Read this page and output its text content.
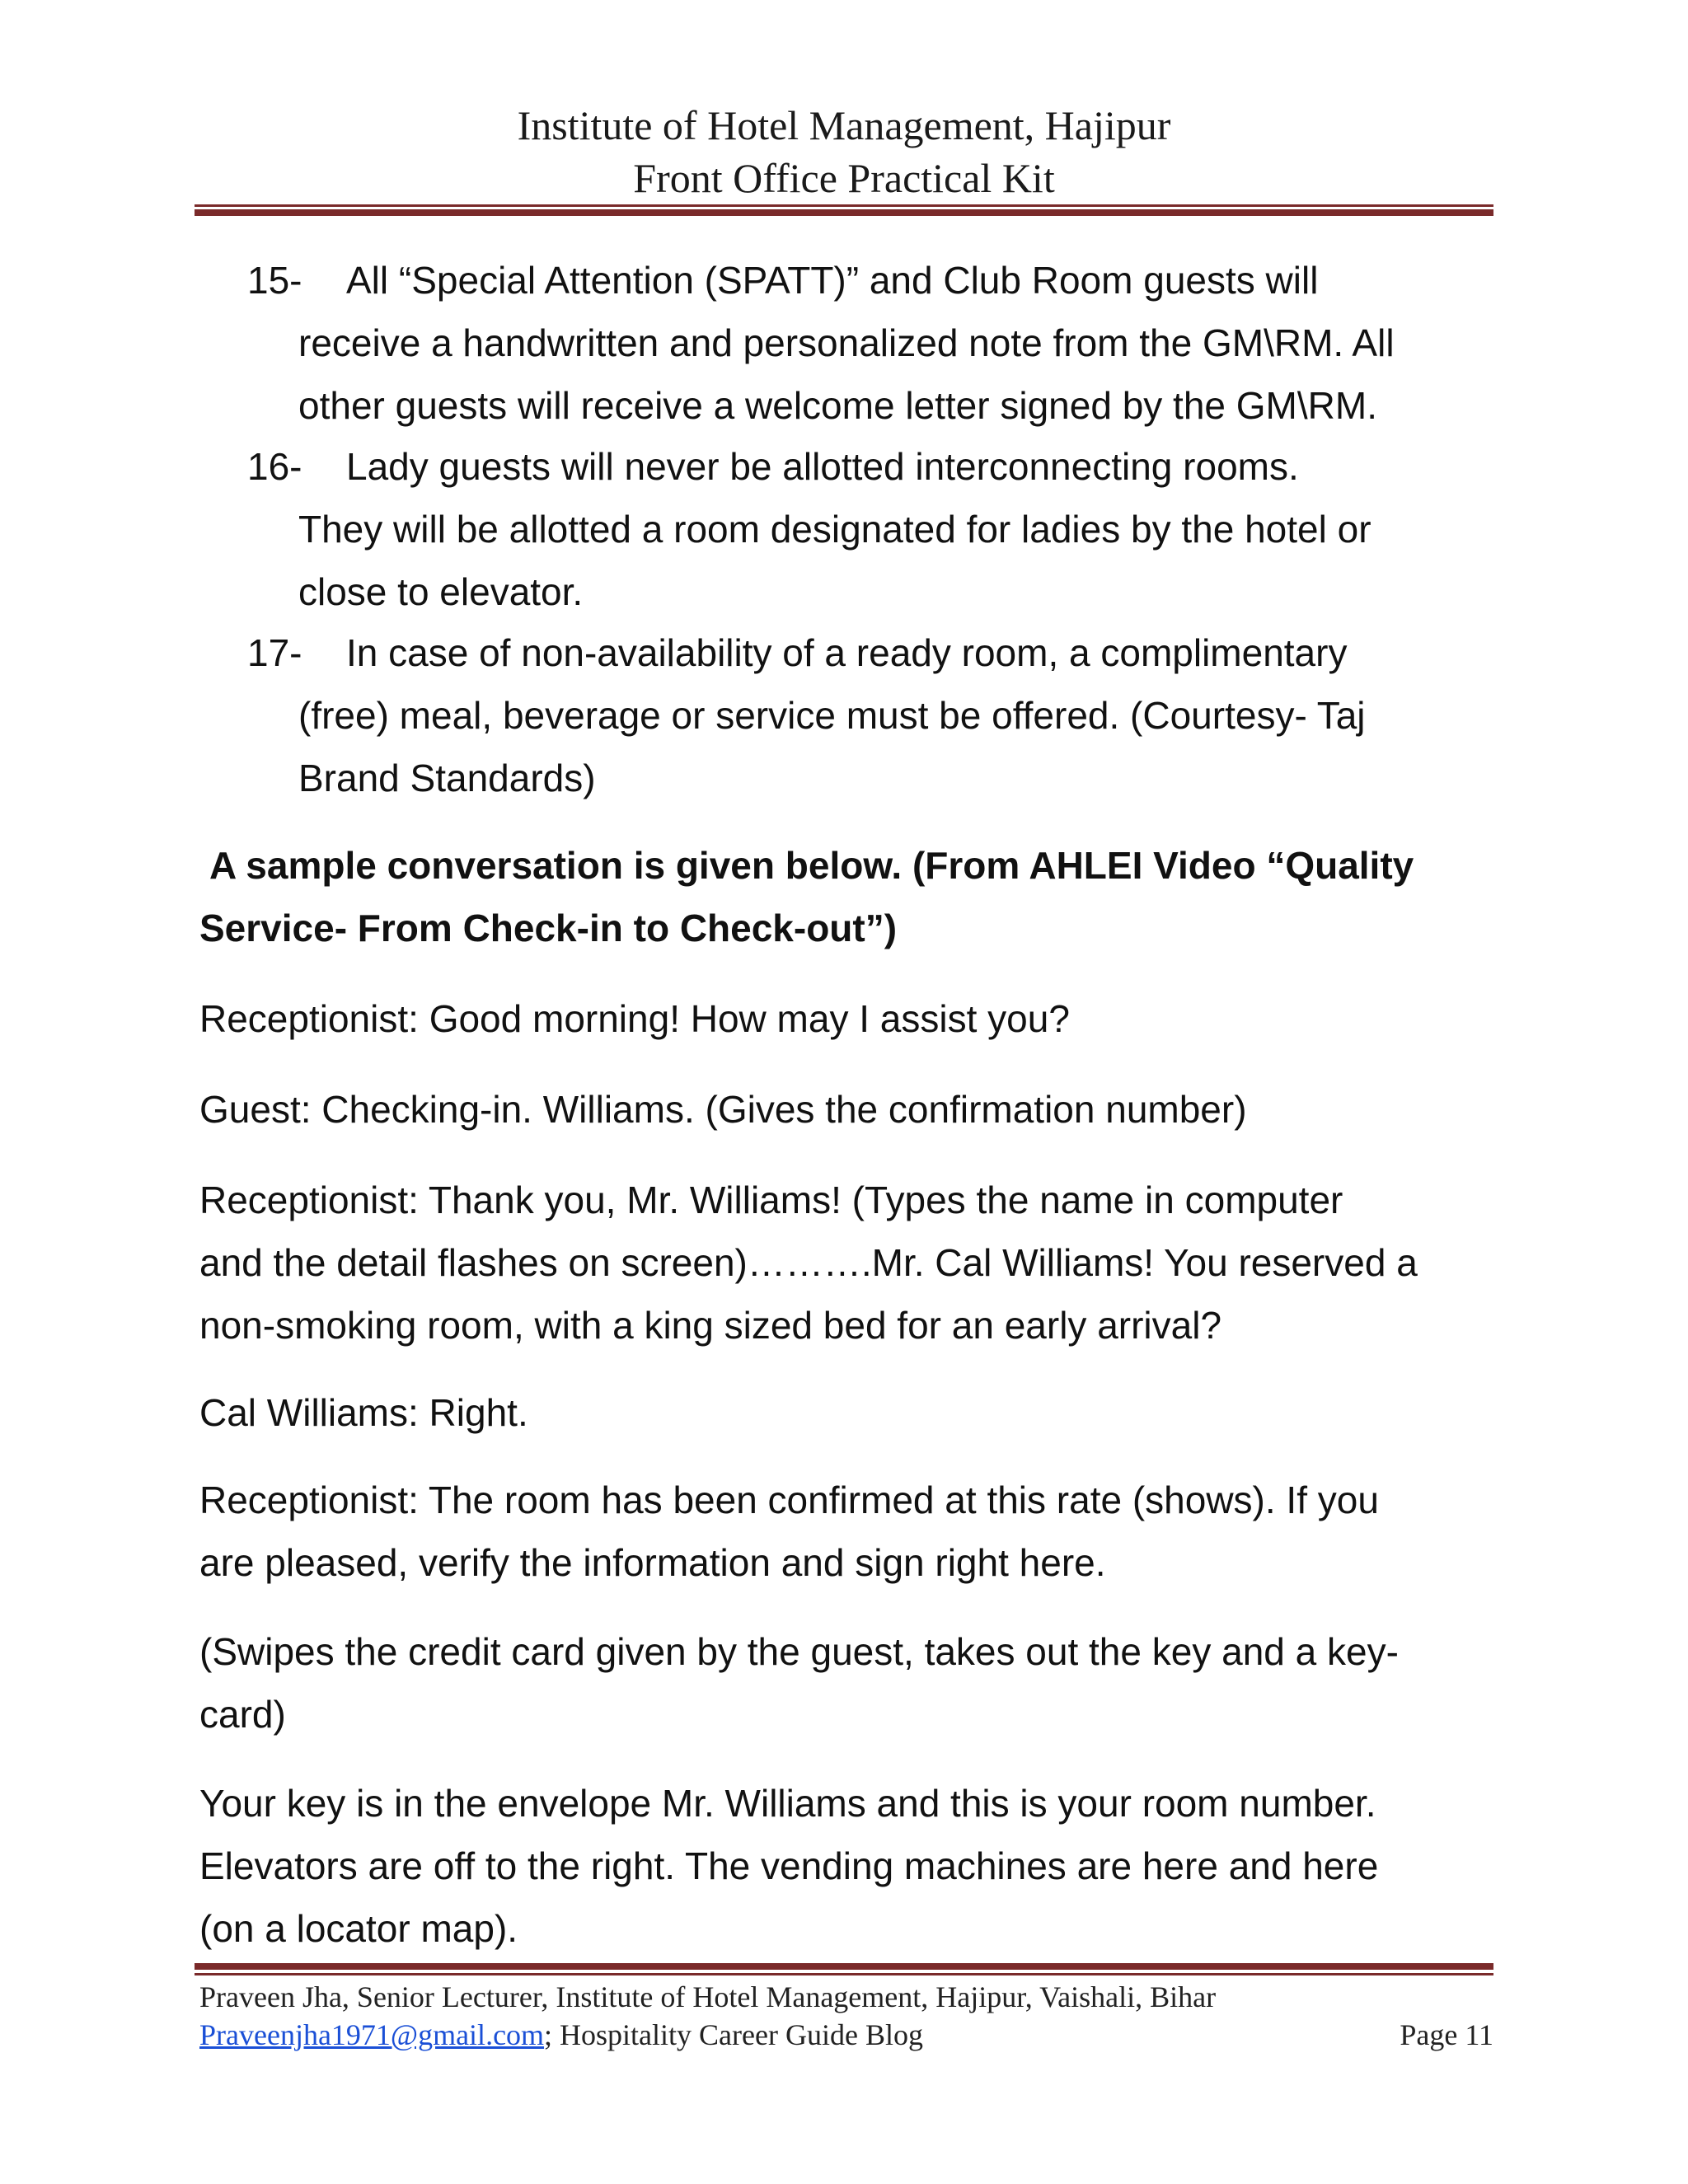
Institute of Hotel Management, Hajipur
Front Office Practical Kit
15- All “Special Attention (SPATT)” and Club Room guests will
receive a handwritten and personalized note from the GM\RM. All
other guests will receive a welcome letter signed by the GM\RM.
16- Lady guests will never be allotted interconnecting rooms.
They will be allotted a room designated for ladies by the hotel or
close to elevator.
17- In case of non-availability of a ready room, a complimentary
(free) meal, beverage or service must be offered. (Courtesy- Taj
Brand Standards)
A sample conversation is given below. (From AHLEI Video “Quality
Service- From Check-in to Check-out”)
Receptionist: Good morning! How may I assist you?
Guest: Checking-in. Williams. (Gives the confirmation number)
Receptionist: Thank you, Mr. Williams! (Types the name in computer
and the detail flashes on screen)……….Mr. Cal Williams! You reserved a
non-smoking room, with a king sized bed for an early arrival?
Cal Williams: Right.
Receptionist: The room has been confirmed at this rate (shows). If you
are pleased, verify the information and sign right here.
(Swipes the credit card given by the guest, takes out the key and a key-
card)
Your key is in the envelope Mr. Williams and this is your room number.
Elevators are off to the right. The vending machines are here and here
(on a locator map).
Praveen Jha, Senior Lecturer, Institute of Hotel Management, Hajipur, Vaishali, Bihar
Praveenjha1971@gmail.com; Hospitality Career Guide Blog	Page 11
